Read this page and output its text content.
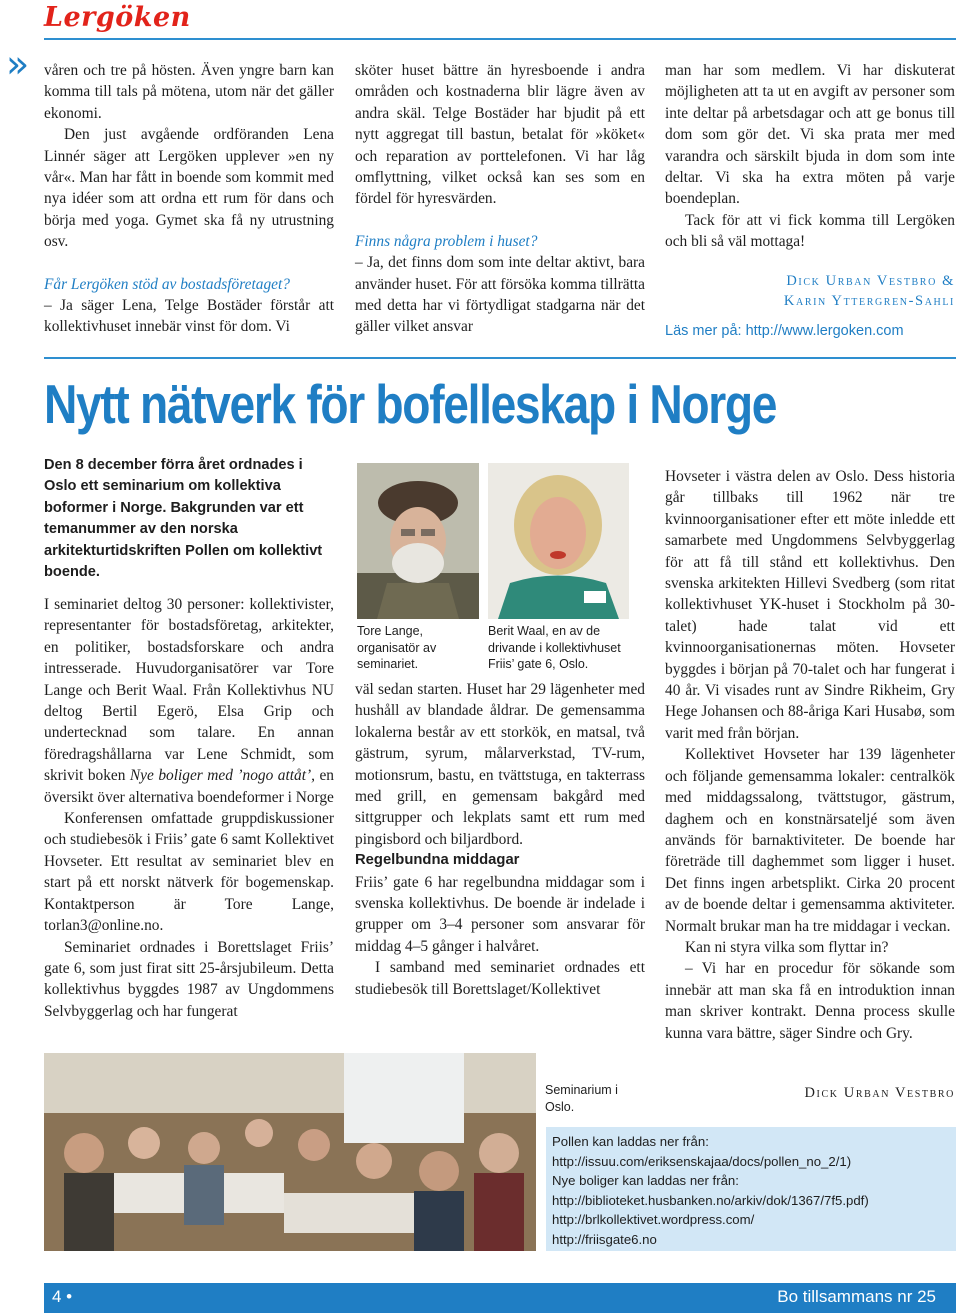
Lergöken
» våren och tre på hösten. Även yngre barn kan komma till tals på mötena, utom när det gäller ekonomi.

Den just avgående ordföranden Lena Linnér säger att Lergöken upplever »en ny vår«. Man har fått in boende som kommit med nya idéer som att ordna ett rum för dans och börja med yoga. Gymet ska få ny utrustning osv.

Får Lergöken stöd av bostadsföretaget?

– Ja säger Lena, Telge Bostäder förstår att kollektivhuset innebär vinst för dom. Vi

sköter huset bättre än hyresboende i andra områden och kostnaderna blir lägre även av andra skäl. Telge Bostäder har bjudit på ett nytt aggregat till bastun, betalat för »köket« och reparation av porttelefonen. Vi har låg omflyttning, vilket också kan ses som en fördel för hyresvärden.

Finns några problem i huset?

– Ja, det finns dom som inte deltar aktivt, bara använder huset. För att försöka komma tillrätta med detta har vi förtydligat stadgarna när det gäller vilket ansvar

man har som medlem. Vi har diskuterat möjligheten att ta ut en avgift av personer som inte deltar på arbetsdagar och att ge bonus till dom som gör det. Vi ska prata mer med varandra och särskilt bjuda in dom som inte deltar. Vi ska ha extra möten på varje boendeplan.

Tack för att vi fick komma till Lergöken och bli så väl mottaga!

Dick Urban Vestbro &
Karin Yttergren-Sahli
Läs mer på: http://www.lergoken.com
Nytt nätverk för bofelleskap i Norge
Den 8 december förra året ordnades i Oslo ett seminarium om kollektiva boformer i Norge. Bakgrunden var ett temanummer av den norska arkitekturtidskriften Pollen om kollektivt boende.

I seminariet deltog 30 personer: kollektivister, representanter för bostadsföretag, arkitekter, en politiker, bostadsforskare och andra intresserade. Huvudorganisatörer var Tore Lange och Berit Waal. Från Kollektivhus NU deltog Bertil Egerö, Elsa Grip och undertecknad som talare. En annan föredragshållarna var Lene Schmidt, som skrivit boken Nye boliger med ’nogo attåt’, en översikt över alternativa boendeformer i Norge

Konferensen omfattade gruppdiskussioner och studiebesök i Friis’ gate 6 samt Kollektivet Hovseter. Ett resultat av seminariet blev en start på ett norskt nätverk för bogemenskap. Kontaktperson är Tore Lange, torlan3@online.no.

Seminariet ordnades i Borettslaget Friis’ gate 6, som just firat sitt 25-årsjubileum. Detta kollektivhus byggdes 1987 av Ungdommens Selvbyggerlag och har fungerat

Tore Lange, organisatör av seminariet.
Berit Waal, en av de drivande i kollektivhuset Friis’ gate 6, Oslo.

väl sedan starten. Huset har 29 lägenheter med hushåll av blandade åldrar. De gemensamma lokalerna består av ett storkök, en matsal, två gästrum, syrum, målarverkstad, TV-rum, motionsrum, bastu, en tvättstuga, en takterrass med grill, en gemensam bakgård med sittgrupper och lekplats samt ett rum med pingisbord och biljardbord.

Regelbundna middagar

Friis’ gate 6 har regelbundna middagar som i svenska kollektivhus. De boende är indelade i grupper om 3–4 personer som ansvarar för middag 4–5 gånger i halvåret.

I samband med seminariet ordnades ett studiebesök till Borettslaget/Kollektivet

Hovseter i västra delen av Oslo. Dess historia går tillbaks till 1962 när tre kvinnoorganisationer efter ett möte inledde ett samarbete med Ungdommens Selvbyggerlag för att få till stånd ett kollektivhus. Den svenska arkitekten Hillevi Svedberg (som ritat kollektivhuset YK-huset i Stockholm på 30-talet) hade talat vid ett kvinnoorganisationernas möten. Hovseter byggdes i början på 70-talet och har fungerat i 40 år. Vi visades runt av Sindre Rikheim, Gry Hege Johansen och 88-åriga Kari Husabø, som varit med från början.

Kollektivet Hovseter har 139 lägenheter och följande gemensamma lokaler: centralkök med middagssalong, tvättstugor, gästrum, daghem och en konstnärsateljé som även används för barnaktiviteter. De boende har företräde till daghemmet som ligger i huset. Det finns ingen arbetsplikt. Cirka 20 procent av de boende deltar i gemensamma aktiviteter. Normalt brukar man ha tre middagar i veckan.

Kan ni styra vilka som flyttar in?

– Vi har en procedur för sökande som innebär att man ska få en introduktion innan man skriver kontrakt. Denna process skulle kunna vara bättre, säger Sindre och Gry.

Dick Urban Vestbro
Seminarium i Oslo.
Pollen kan laddas ner från:
http://issuu.com/eriksenskajaa/docs/pollen_no_2/1)
Nye boliger kan laddas ner från:
http://biblioteket.husbanken.no/arkiv/dok/1367/7f5.pdf)
http://brlkollektivet.wordpress.com/
http://friisgate6.no
4 •	Bo tillsammans nr 25
